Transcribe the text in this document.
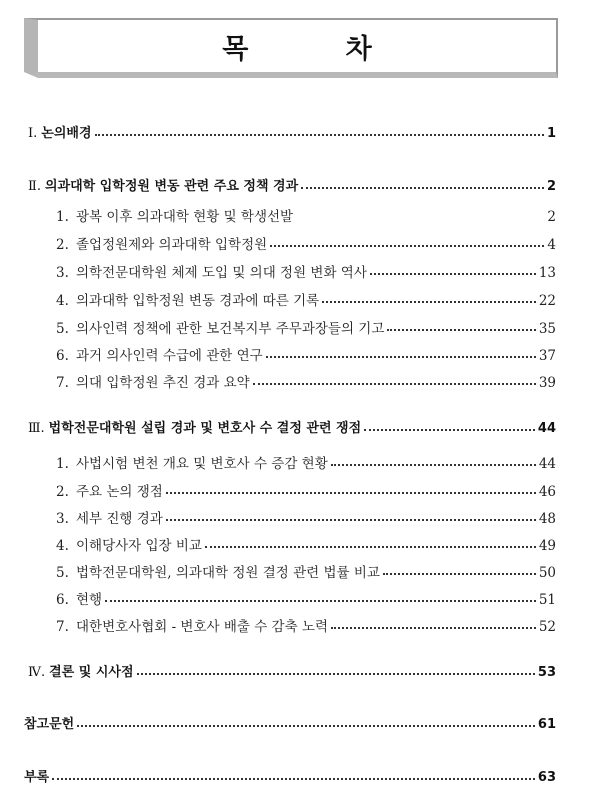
목 차
Ⅰ. 논의배경	1
Ⅱ. 의과대학 입학정원 변동 관련 주요 정책 경과	2
1. 광복 이후 의과대학 현황 및 학생선발	2
2. 졸업정원제와 의과대학 입학정원	4
3. 의학전문대학원 체제 도입 및 의대 정원 변화 역사	13
4. 의과대학 입학정원 변동 경과에 따른 기록	22
5. 의사인력 정책에 관한 보건복지부 주무과장들의 기고	35
6. 과거 의사인력 수급에 관한 연구	37
7. 의대 입학정원 추진 경과 요약	39
Ⅲ. 법학전문대학원 설립 경과 및 변호사 수 결정 관련 쟁점	44
1. 사법시험 변천 개요 및 변호사 수 증감 현황	44
2. 주요 논의 쟁점	46
3. 세부 진행 경과	48
4. 이해당사자 입장 비교	49
5. 법학전문대학원, 의과대학 정원 결정 관련 법률 비교	50
6. 현행	51
7. 대한변호사협회 - 변호사 배출 수 감축 노력	52
Ⅳ. 결론 및 시사점	53
참고문헌	61
부록	63
